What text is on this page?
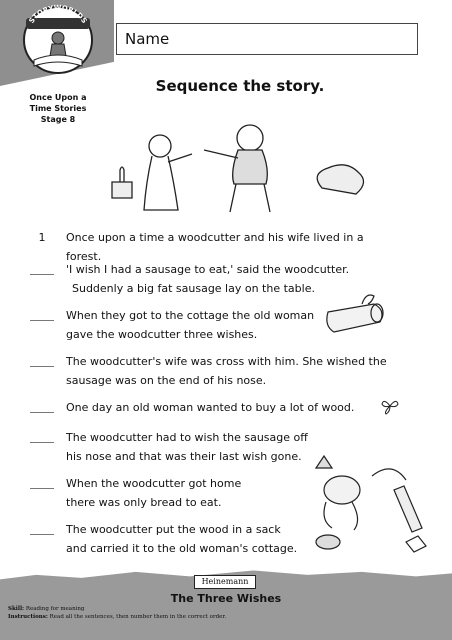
STORYWORLDS
Once Upon a
Time Stories
Stage 8
Name
Sequence the story.
1	Once upon a time a woodcutter and his wife lived in a forest.
'I wish I had a sausage to eat,' said the woodcutter.
Suddenly a big fat sausage lay on the table.
When they got to the cottage the old woman
gave the woodcutter three wishes.
The woodcutter's wife was cross with him. She wished the
sausage was on the end of his nose.
One day an old woman wanted to buy a lot of wood.
The woodcutter had to wish the sausage off
his nose and that was their last wish gone.
When the woodcutter got home
there was only bread to eat.
The woodcutter put the wood in a sack
and carried it to the old woman's cottage.
Heinemann
The Three Wishes
Skill: Reading for meaning
Instructions: Read all the sentences, then number them in the correct order.
